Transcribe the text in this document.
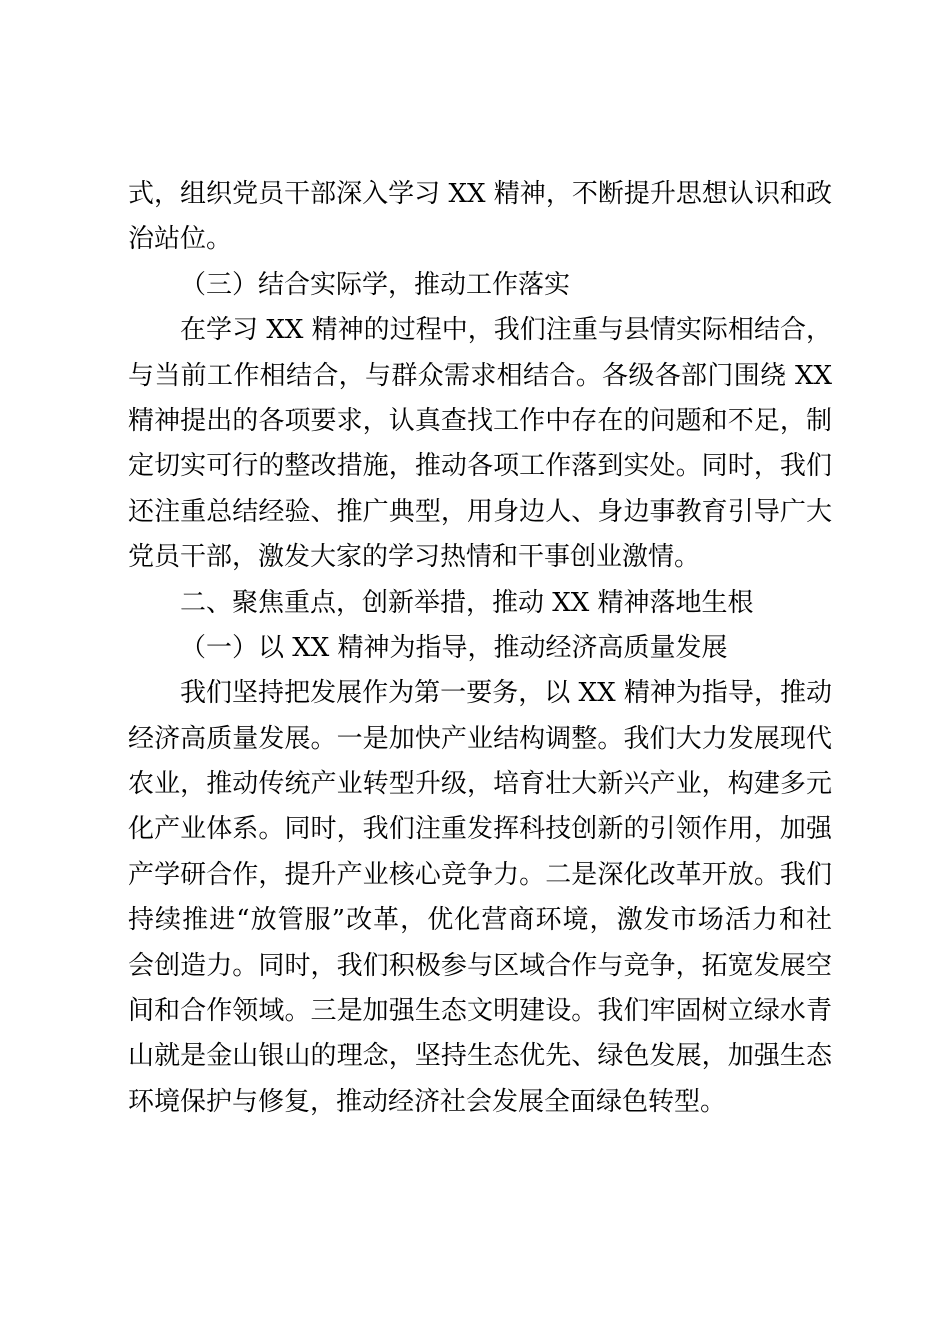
式，组织党员干部深入学习 XX 精神，不断提升思想认识和政
治站位。
（三）结合实际学，推动工作落实
在学习 XX 精神的过程中，我们注重与县情实际相结合，
与当前工作相结合，与群众需求相结合。各级各部门围绕 XX
精神提出的各项要求，认真查找工作中存在的问题和不足，制
定切实可行的整改措施，推动各项工作落到实处。同时，我们
还注重总结经验、推广典型，用身边人、身边事教育引导广大
党员干部，激发大家的学习热情和干事创业激情。
二、聚焦重点，创新举措，推动 XX 精神落地生根
（一）以 XX 精神为指导，推动经济高质量发展
我们坚持把发展作为第一要务，以 XX 精神为指导，推动
经济高质量发展。一是加快产业结构调整。我们大力发展现代
农业，推动传统产业转型升级，培育壮大新兴产业，构建多元
化产业体系。同时，我们注重发挥科技创新的引领作用，加强
产学研合作，提升产业核心竞争力。二是深化改革开放。我们
持续推进“放管服”改革，优化营商环境，激发市场活力和社
会创造力。同时，我们积极参与区域合作与竞争，拓宽发展空
间和合作领域。三是加强生态文明建设。我们牢固树立绿水青
山就是金山银山的理念，坚持生态优先、绿色发展，加强生态
环境保护与修复，推动经济社会发展全面绿色转型。
